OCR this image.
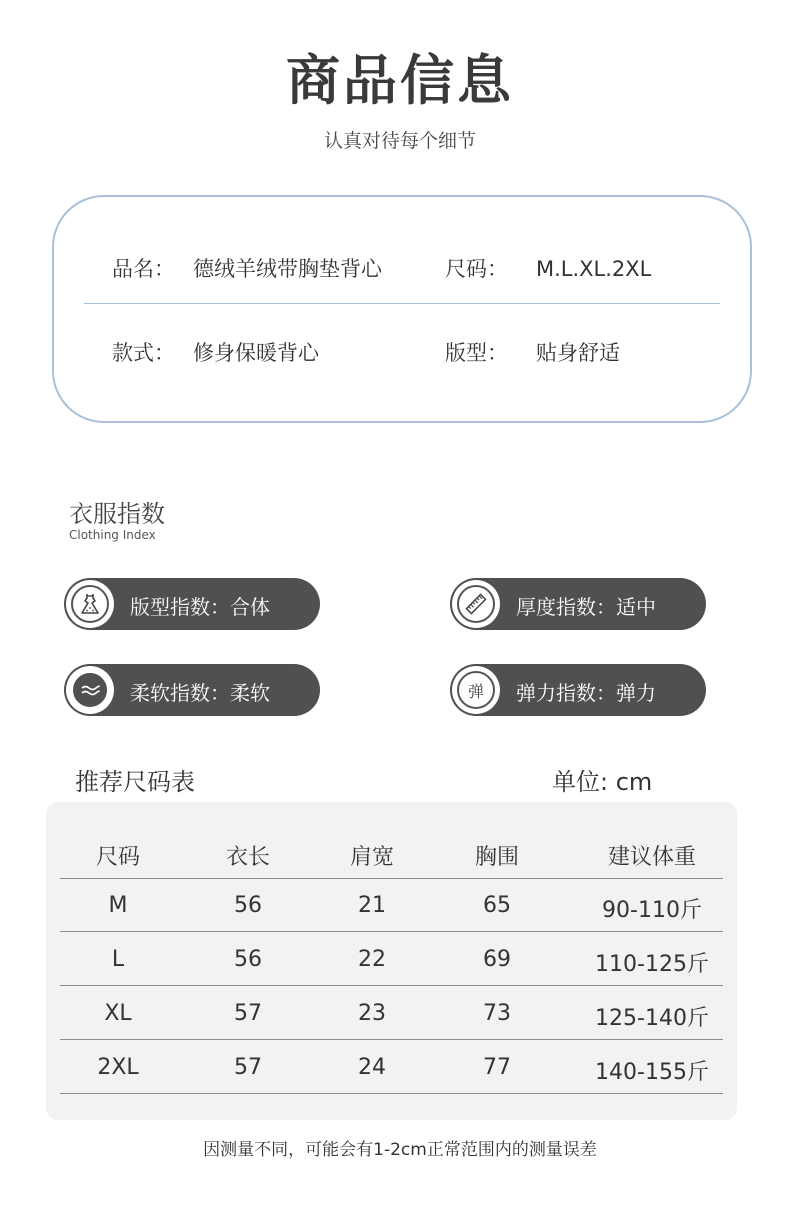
商品信息
认真对待每个细节
品名： 德绒羊绒带胸垫背心	尺码： M.L.XL.2XL
款式： 修身保暖背心	版型： 贴身舒适
衣服指数
Clothing Index
版型指数：合体	厚度指数：适中
柔软指数：柔软	弹 弹力指数：弹力
推荐尺码表	单位: cm
尺码	衣长	肩宽	胸围	建议体重
M	56	21	65	90-110斤
L	56	22	69	110-125斤
XL	57	23	73	125-140斤
2XL	57	24	77	140-155斤
因测量不同，可能会有1-2cm正常范围内的测量误差
